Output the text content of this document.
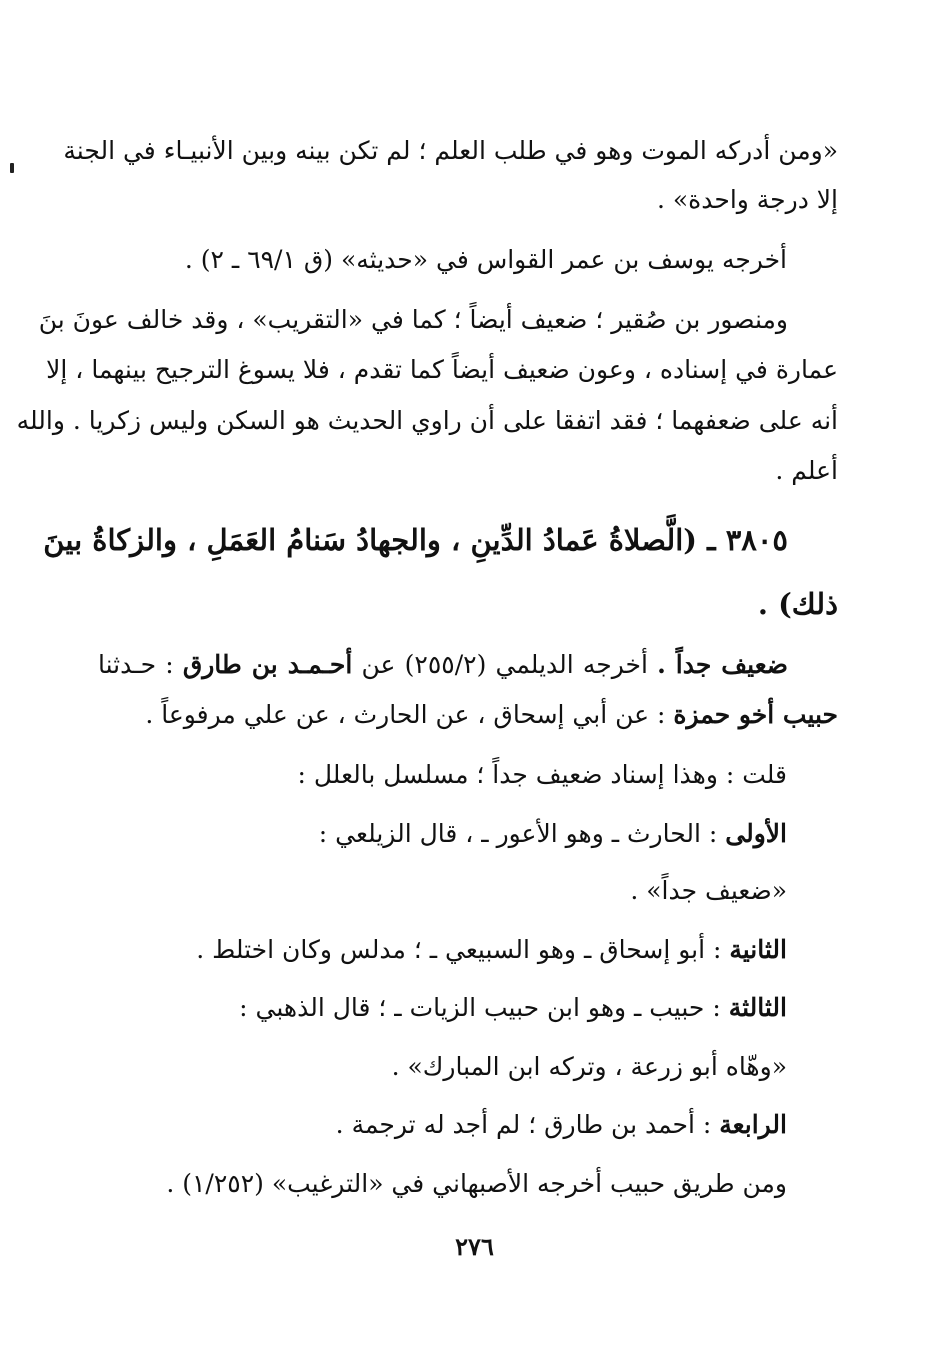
«ومن أدركه الموت وهو في طلب العلم ؛ لم تكن بينه وبين الأنبيـاء في الجنة
إلا درجة واحدة» .
أخرجه يوسف بن عمر القواس في «حديثه» (ق ٦٩/١ ـ ٢) .
ومنصور بن صُقير ؛ ضعيف أيضاً ؛ كما في «التقريب» ، وقد خالف عونَ بنَ
عمارة في إسناده ، وعون ضعيف أيضاً كما تقدم ، فلا يسوغ الترجيح بينهما ، إلا
أنه على ضعفهما ؛ فقد اتفقا على أن راوي الحديث هو السكن وليس زكريا . والله
أعلم .
٣٨٠٥ ـ (الَّصلاةُ عَمادُ الدِّينِ ، والجهادُ سَنامُ العَمَلِ ، والزكاةُ بينَ
ذلك) .
ضعيف جداً . أخرجه الديلمي (٢٥٥/٢) عن أحـمـد بن طارق : حـدثنا
حبيب أخو حمزة : عن أبي إسحاق ، عن الحارث ، عن علي مرفوعاً .
قلت : وهذا إسناد ضعيف جداً ؛ مسلسل بالعلل :
الأولى : الحارث ـ وهو الأعور ـ ، قال الزيلعي :
«ضعيف جداً» .
الثانية : أبو إسحاق ـ وهو السبيعي ـ ؛ مدلس وكان اختلط .
الثالثة : حبيب ـ وهو ابن حبيب الزيات ـ ؛ قال الذهبي :
«وهّاه أبو زرعة ، وتركه ابن المبارك» .
الرابعة : أحمد بن طارق ؛ لم أجد له ترجمة .
ومن طريق حبيب أخرجه الأصبهاني في «الترغيب» (١/٢٥٢) .
٢٧٦
